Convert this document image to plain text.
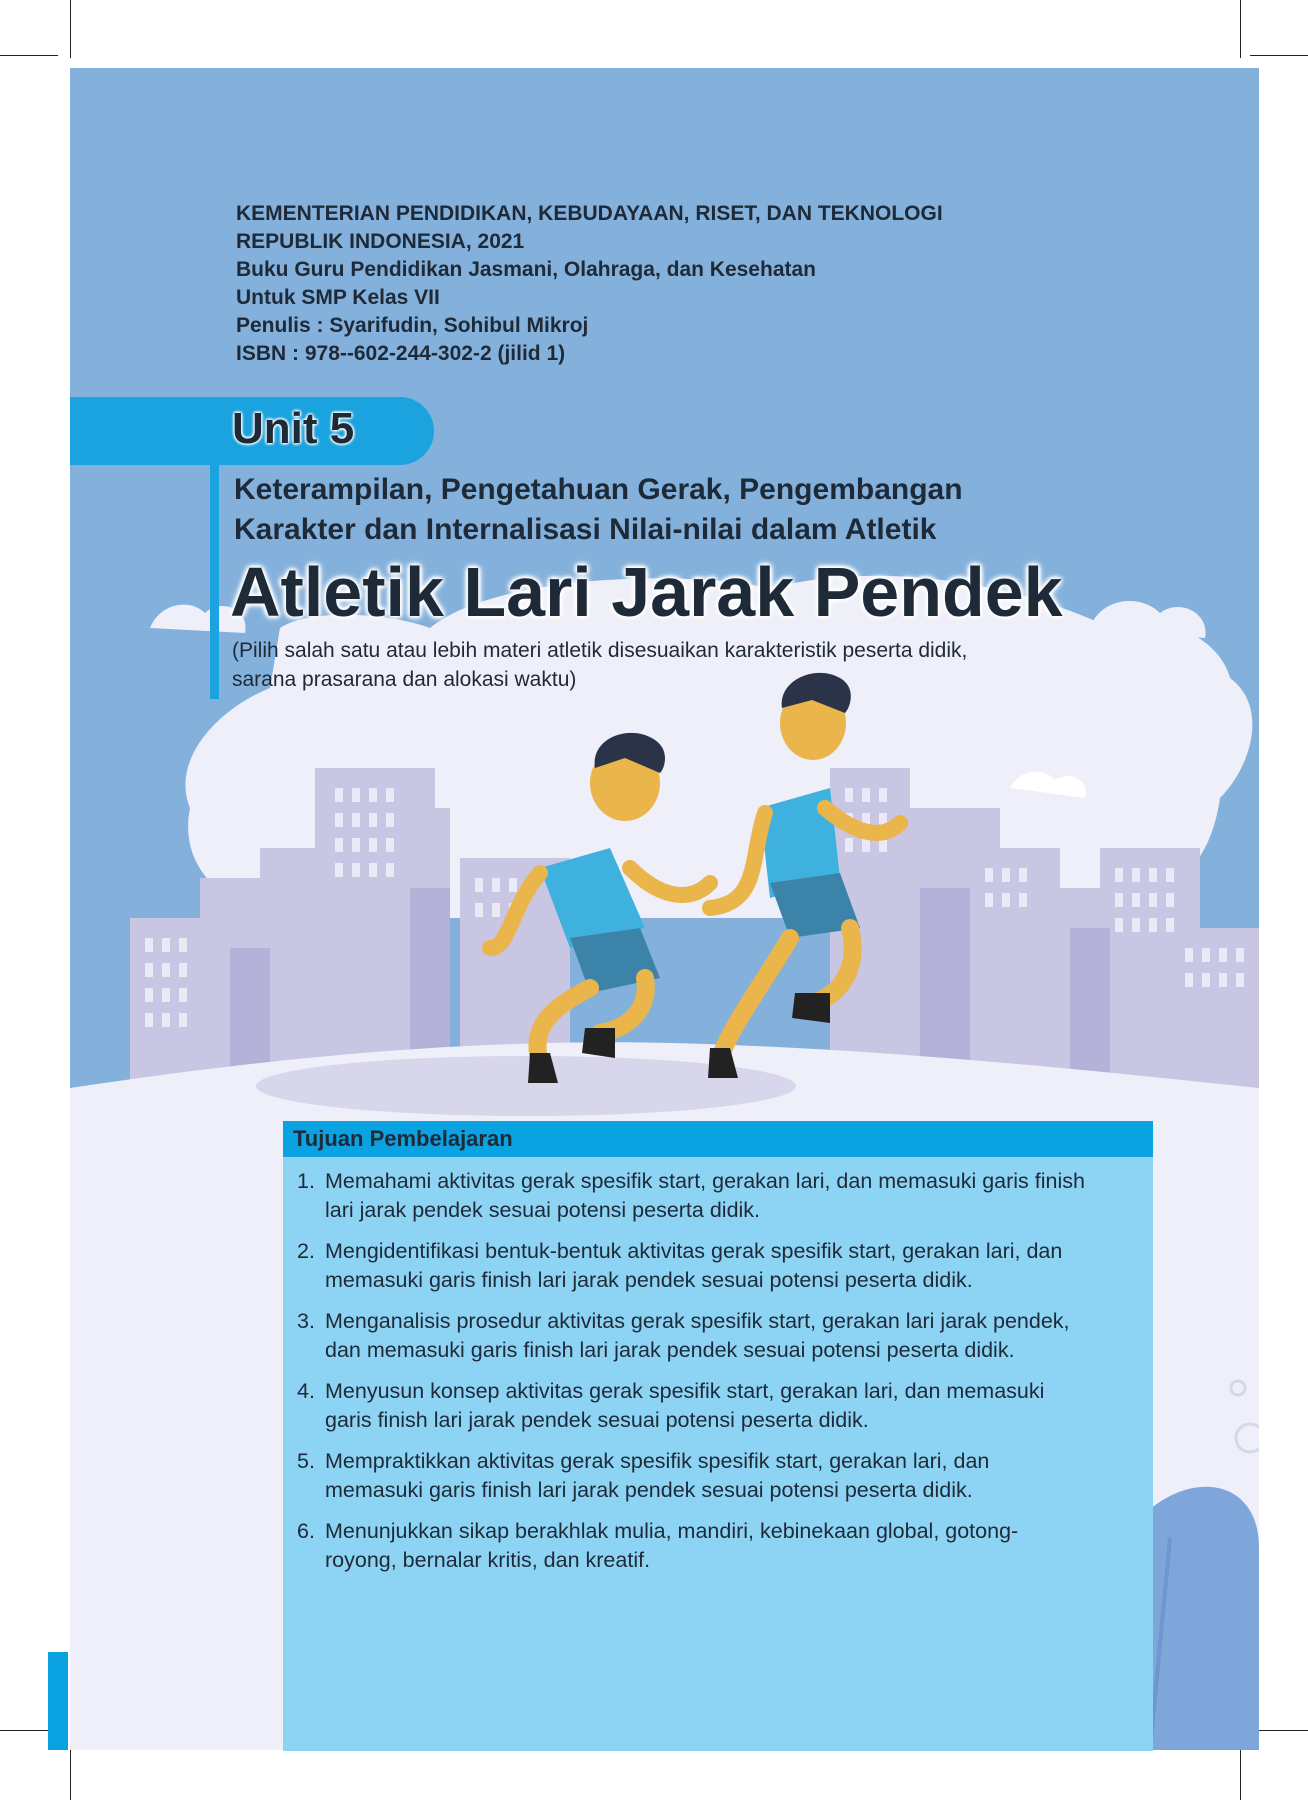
KEMENTERIAN PENDIDIKAN, KEBUDAYAAN, RISET, DAN TEKNOLOGI
REPUBLIK INDONESIA, 2021
Buku Guru Pendidikan Jasmani, Olahraga, dan Kesehatan
Untuk SMP Kelas VII
Penulis : Syarifudin, Sohibul Mikroj
ISBN : 978--602-244-302-2 (jilid 1)
Unit 5
Keterampilan, Pengetahuan Gerak, Pengembangan
Karakter dan Internalisasi Nilai-nilai dalam Atletik
Atletik Lari Jarak Pendek
(Pilih salah satu atau lebih materi atletik disesuaikan karakteristik peserta didik,
sarana prasarana dan alokasi waktu)
Tujuan Pembelajaran
1. Memahami aktivitas gerak spesifik start, gerakan lari, dan memasuki garis finish
lari jarak pendek sesuai potensi peserta didik.
2. Mengidentifikasi bentuk-bentuk aktivitas gerak spesifik start, gerakan lari, dan
memasuki garis finish lari jarak pendek sesuai potensi peserta didik.
3. Menganalisis prosedur aktivitas gerak spesifik start, gerakan lari jarak pendek,
dan memasuki garis finish lari jarak pendek sesuai potensi peserta didik.
4. Menyusun konsep aktivitas gerak spesifik start, gerakan lari, dan memasuki
garis finish lari jarak pendek sesuai potensi peserta didik.
5. Mempraktikkan aktivitas gerak spesifik spesifik start, gerakan lari, dan
memasuki garis finish lari jarak pendek sesuai potensi peserta didik.
6. Menunjukkan sikap berakhlak mulia, mandiri, kebinekaan global, gotong-
royong, bernalar kritis, dan kreatif.
